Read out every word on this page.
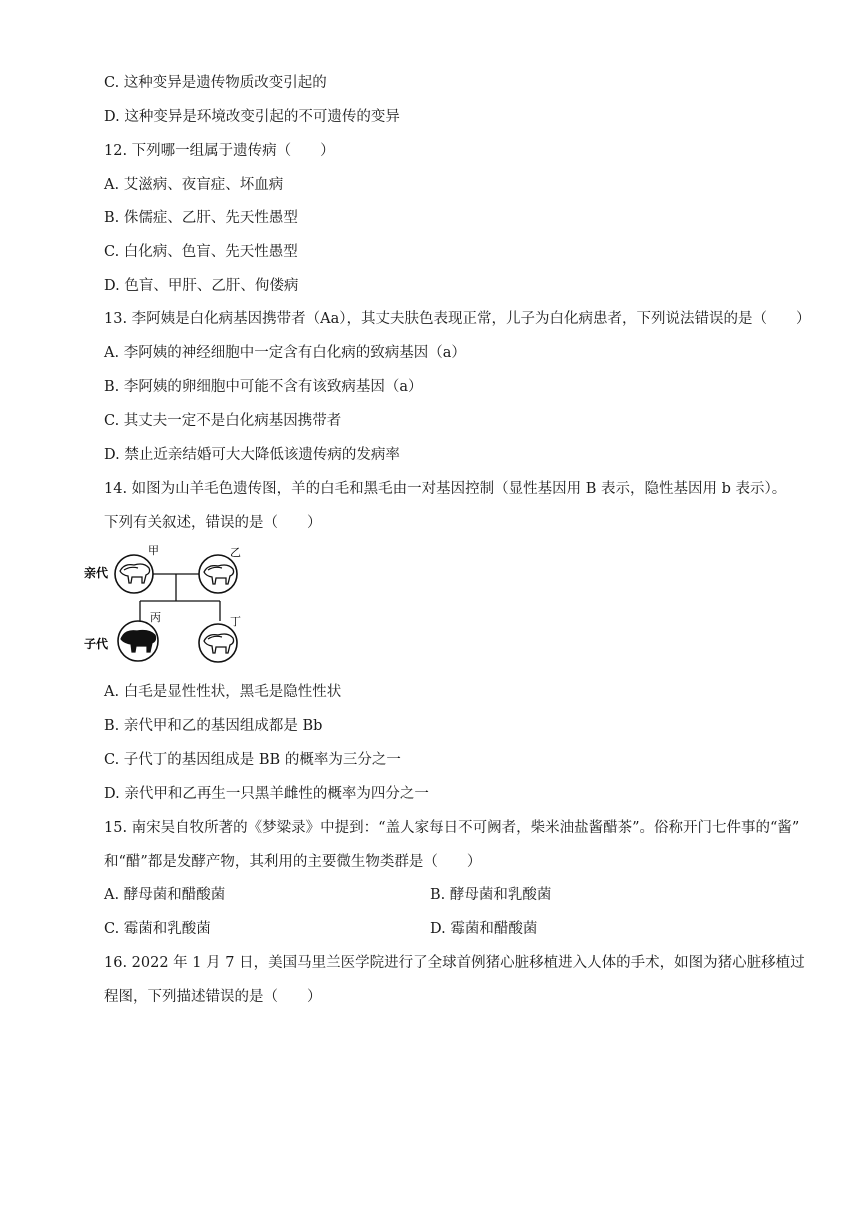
C. 这种变异是遗传物质改变引起的
D. 这种变异是环境改变引起的不可遗传的变异
12. 下列哪一组属于遗传病（　　）
A. 艾滋病、夜盲症、坏血病
B. 侏儒症、乙肝、先天性愚型
C. 白化病、色盲、先天性愚型
D. 色盲、甲肝、乙肝、佝偻病
13. 李阿姨是白化病基因携带者（Aa），其丈夫肤色表现正常，儿子为白化病患者，下列说法错误的是（　　）
A. 李阿姨的神经细胞中一定含有白化病的致病基因（a）
B. 李阿姨的卵细胞中可能不含有该致病基因（a）
C. 其丈夫一定不是白化病基因携带者
D. 禁止近亲结婚可大大降低该遗传病的发病率
14. 如图为山羊毛色遗传图，羊的白毛和黑毛由一对基因控制（显性基因用 B 表示，隐性基因用 b 表示）。
下列有关叙述，错误的是（　　）
亲代
子代
甲	乙
丙	丁
A. 白毛是显性性状，黑毛是隐性性状
B. 亲代甲和乙的基因组成都是 Bb
C. 子代丁的基因组成是 BB 的概率为三分之一
D. 亲代甲和乙再生一只黑羊雌性的概率为四分之一
15. 南宋吴自牧所著的《梦粱录》中提到：“盖人家每日不可阙者，柴米油盐酱醋茶”。俗称开门七件事的“酱”
和“醋”都是发酵产物，其利用的主要微生物类群是（　　）
A. 酵母菌和醋酸菌	B. 酵母菌和乳酸菌
C. 霉菌和乳酸菌	D. 霉菌和醋酸菌
16. 2022 年 1 月 7 日，美国马里兰医学院进行了全球首例猪心脏移植进入人体的手术，如图为猪心脏移植过
程图，下列描述错误的是（　　）
